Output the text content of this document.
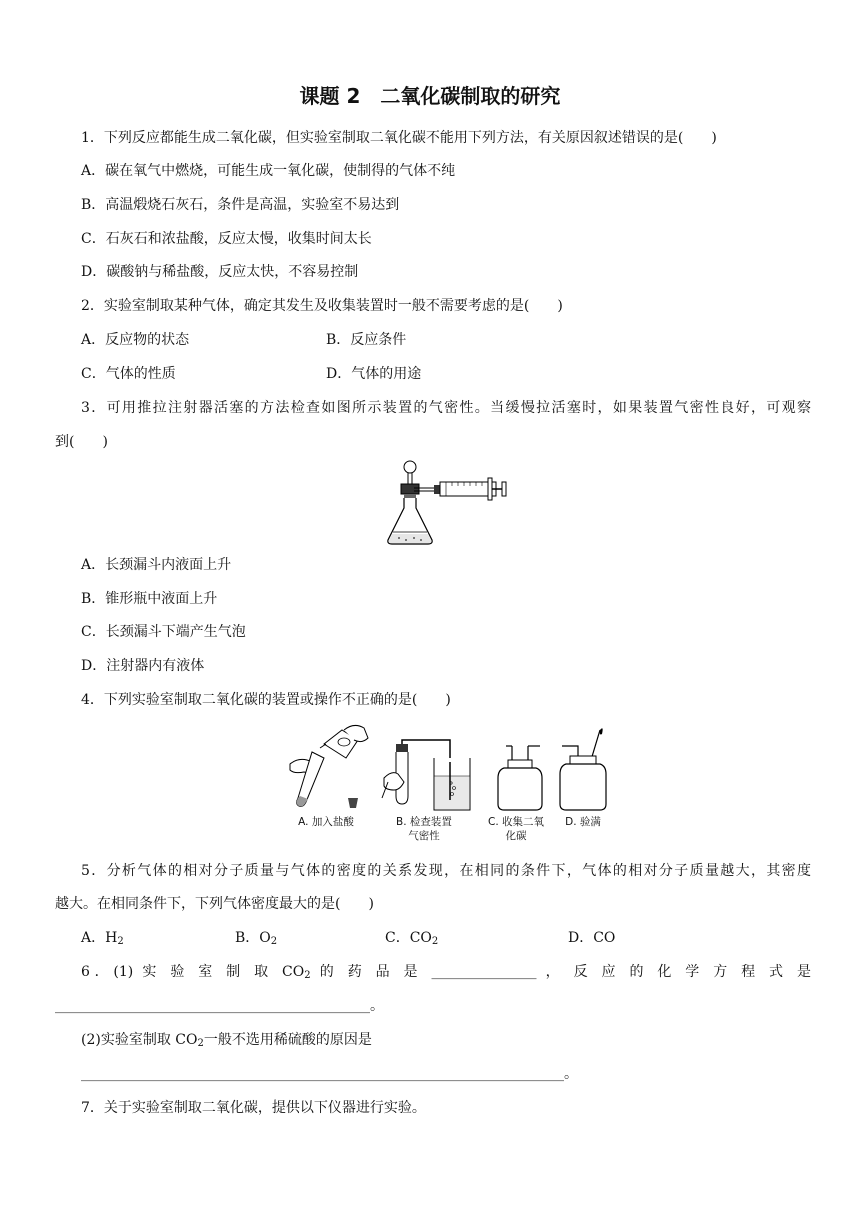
课题 2　二氧化碳制取的研究
1．下列反应都能生成二氧化碳，但实验室制取二氧化碳不能用下列方法，有关原因叙述错误的是(　　)
A．碳在氧气中燃烧，可能生成一氧化碳，使制得的气体不纯
B．高温煅烧石灰石，条件是高温，实验室不易达到
C．石灰石和浓盐酸，反应太慢，收集时间太长
D．碳酸钠与稀盐酸，反应太快，不容易控制
2．实验室制取某种气体，确定其发生及收集装置时一般不需要考虑的是(　　)
A．反应物的状态	B．反应条件
C．气体的性质	D．气体的用途
3．可用推拉注射器活塞的方法检查如图所示装置的气密性。当缓慢拉活塞时，如果装置气密性良好，可观察
到(　　)
A．长颈漏斗内液面上升
B．锥形瓶中液面上升
C．长颈漏斗下端产生气泡
D．注射器内有液体
4．下列实验室制取二氧化碳的装置或操作不正确的是(　　)
A. 加入盐酸	B. 检查装置
气密性
C. 收集二氧
化碳
D. 验满
5．分析气体的相对分子质量与气体的密度的关系发现，在相同的条件下，气体的相对分子质量越大，其密度
越大。在相同条件下，下列气体密度最大的是(　　)
A．$H_2$	B．$O_2$	C．$CO_2$	D．CO
6．(1) 实 验 室 制 取 $CO_2$ 的 药 品 是 _______________ ， 反 应 的 化 学 方 程 式 是
_____________________________________________。
(2)实验室制取 $CO_2$一般不选用稀硫酸的原因是
_____________________________________________________________________。
7．关于实验室制取二氧化碳，提供以下仪器进行实验。
